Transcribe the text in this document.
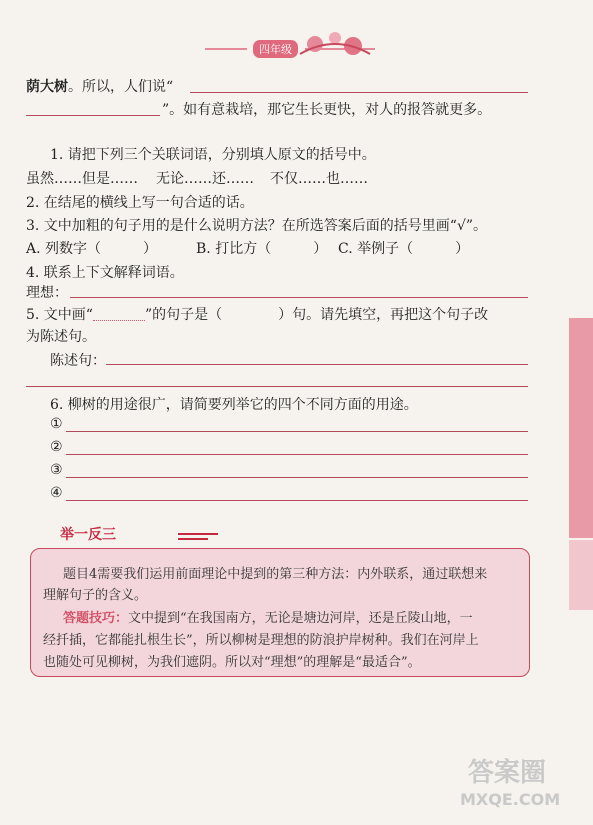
四年级
荫大树。所以，人们说“
”。如有意栽培，那它生长更快，对人的报答就更多。
1. 请把下列三个关联词语，分别填人原文的括号中。
虽然……但是…… 无论……还…… 不仅……也……
2. 在结尾的横线上写一句合适的话。
3. 文中加粗的句子用的是什么说明方法？在所选答案后面的括号里画“√”。
A. 列数字（	）	B. 打比方（	） C. 举例子（	）
4. 联系上下文解释词语。
理想：
5. 文中画“	”的句子是（	）句。请先填空，再把这个句子改
为陈述句。
陈述句：
6. 柳树的用途很广，请简要列举它的四个不同方面的用途。
①
②
③
④
举一反三
题目4需要我们运用前面理论中提到的第三种方法：内外联系，通过联想来
理解句子的含义。
答题技巧：文中提到“在我国南方，无论是塘边河岸，还是丘陵山地，一
经扦插，它都能扎根生长”，所以柳树是理想的防浪护岸树种。我们在河岸上
也随处可见柳树，为我们遮阴。所以对“理想”的理解是“最适合”。
答案圈
MXQE.COM
